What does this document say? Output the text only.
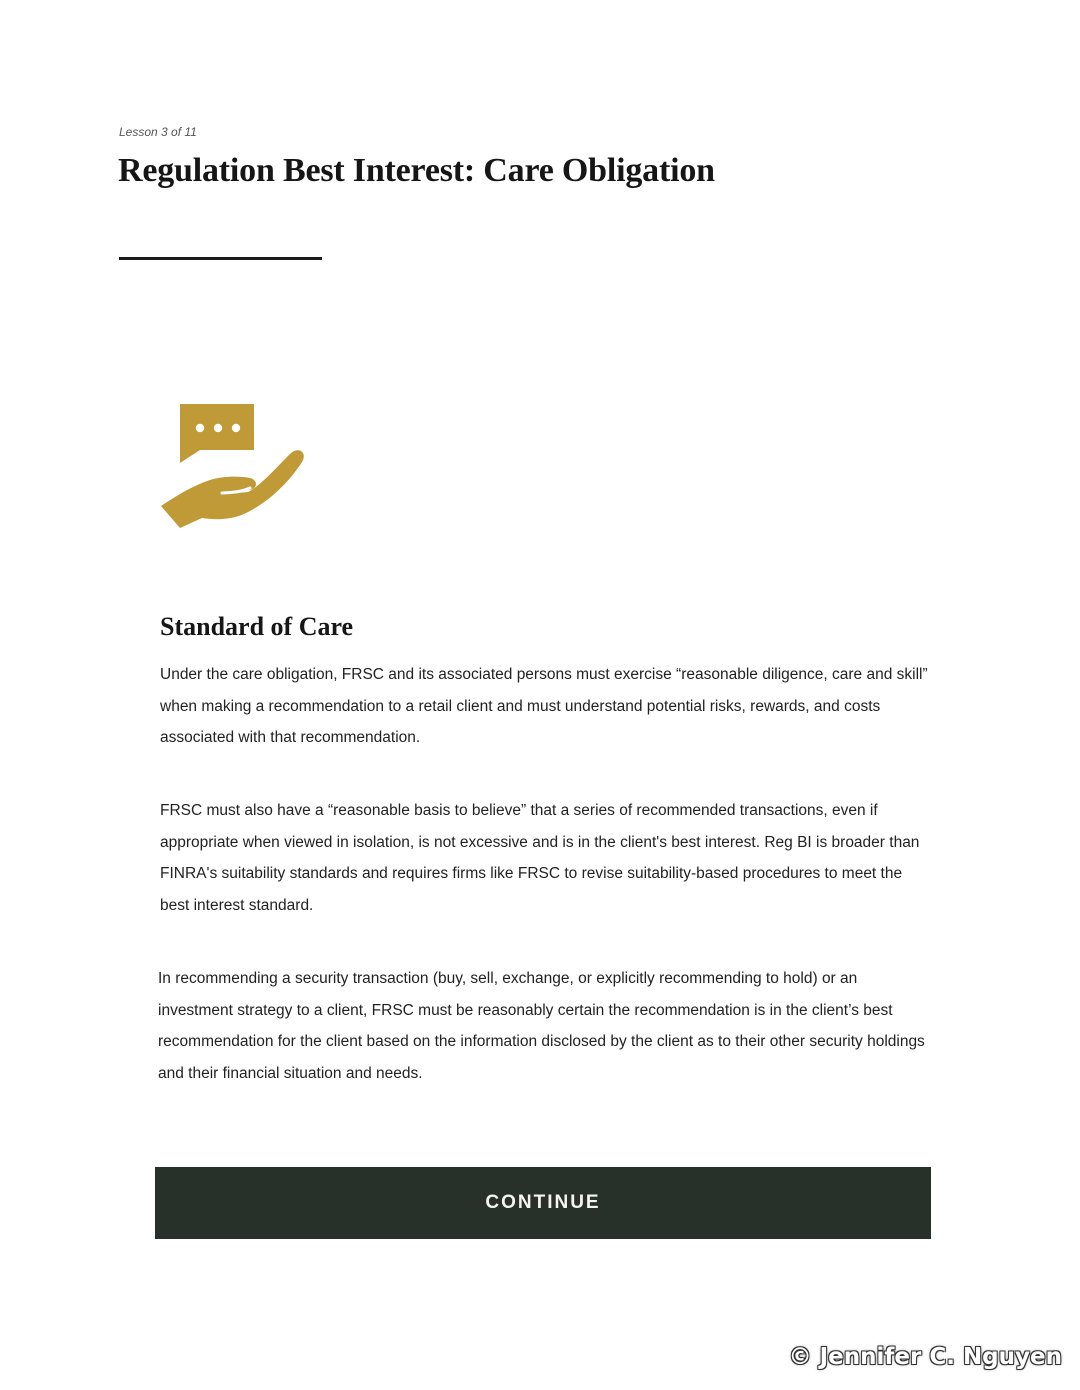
Lesson 3 of 11
Regulation Best Interest: Care Obligation
Standard of Care

Under the care obligation, FRSC and its associated persons must exercise “reasonable diligence, care and skill” when making a recommendation to a retail client and must understand potential risks, rewards, and costs associated with that recommendation.

FRSC must also have a “reasonable basis to believe” that a series of recommended transactions, even if appropriate when viewed in isolation, is not excessive and is in the client's best interest. Reg BI is broader than FINRA's suitability standards and requires firms like FRSC to revise suitability-based procedures to meet the best interest standard.

In recommending a security transaction (buy, sell, exchange, or explicitly recommending to hold) or an investment strategy to a client, FRSC must be reasonably certain the recommendation is in the client’s best recommendation for the client based on the information disclosed by the client as to their other security holdings and their financial situation and needs.

CONTINUE
© Jennifer C. Nguyen
